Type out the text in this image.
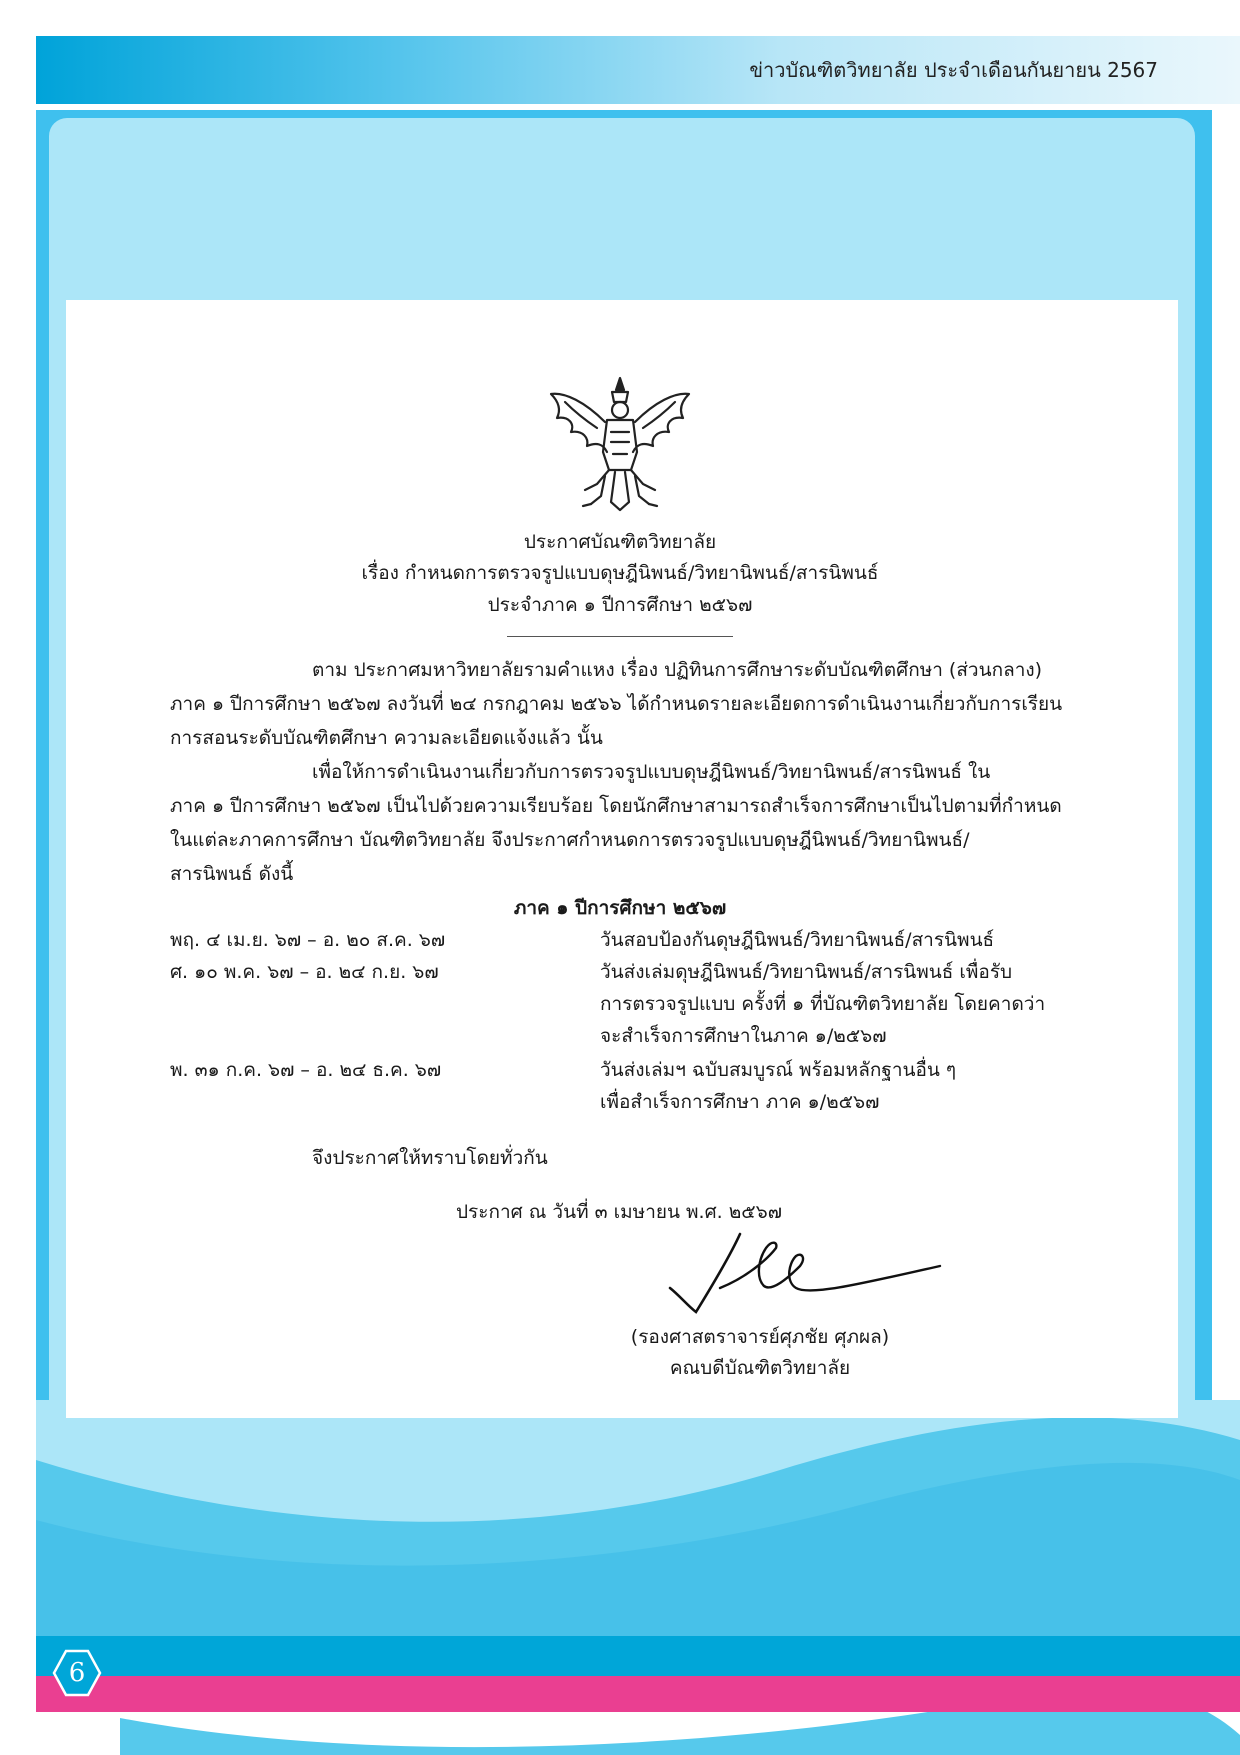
ข่าวบัณฑิตวิทยาลัย ประจำเดือนกันยายน 2567
6
ประกาศบัณฑิตวิทยาลัย
เรื่อง กำหนดการตรวจรูปแบบดุษฎีนิพนธ์/วิทยานิพนธ์/สารนิพนธ์
ประจำภาค ๑ ปีการศึกษา ๒๕๖๗
ตาม ประกาศมหาวิทยาลัยรามคำแหง เรื่อง ปฏิทินการศึกษาระดับบัณฑิตศึกษา (ส่วนกลาง)
ภาค ๑ ปีการศึกษา ๒๕๖๗ ลงวันที่ ๒๔ กรกฎาคม ๒๕๖๖ ได้กำหนดรายละเอียดการดำเนินงานเกี่ยวกับการเรียน
การสอนระดับบัณฑิตศึกษา ความละเอียดแจ้งแล้ว นั้น
เพื่อให้การดำเนินงานเกี่ยวกับการตรวจรูปแบบดุษฎีนิพนธ์/วิทยานิพนธ์/สารนิพนธ์ ใน
ภาค ๑ ปีการศึกษา ๒๕๖๗ เป็นไปด้วยความเรียบร้อย โดยนักศึกษาสามารถสำเร็จการศึกษาเป็นไปตามที่กำหนด
ในแต่ละภาคการศึกษา บัณฑิตวิทยาลัย จึงประกาศกำหนดการตรวจรูปแบบดุษฎีนิพนธ์/วิทยานิพนธ์/
สารนิพนธ์ ดังนี้
ภาค ๑ ปีการศึกษา ๒๕๖๗
พฤ. ๔ เม.ย. ๖๗ – อ. ๒๐ ส.ค. ๖๗	วันสอบป้องกันดุษฎีนิพนธ์/วิทยานิพนธ์/สารนิพนธ์
ศ. ๑๐ พ.ค. ๖๗ – อ. ๒๔ ก.ย. ๖๗	วันส่งเล่มดุษฎีนิพนธ์/วิทยานิพนธ์/สารนิพนธ์ เพื่อรับ
การตรวจรูปแบบ ครั้งที่ ๑ ที่บัณฑิตวิทยาลัย โดยคาดว่า
จะสำเร็จการศึกษาในภาค ๑/๒๕๖๗
พ. ๓๑ ก.ค. ๖๗ – อ. ๒๔ ธ.ค. ๖๗	วันส่งเล่มฯ ฉบับสมบูรณ์ พร้อมหลักฐานอื่น ๆ
เพื่อสำเร็จการศึกษา ภาค ๑/๒๕๖๗
จึงประกาศให้ทราบโดยทั่วกัน
ประกาศ ณ วันที่ ๓ เมษายน พ.ศ. ๒๕๖๗
(รองศาสตราจารย์ศุภชัย ศุภผล)
คณบดีบัณฑิตวิทยาลัย
